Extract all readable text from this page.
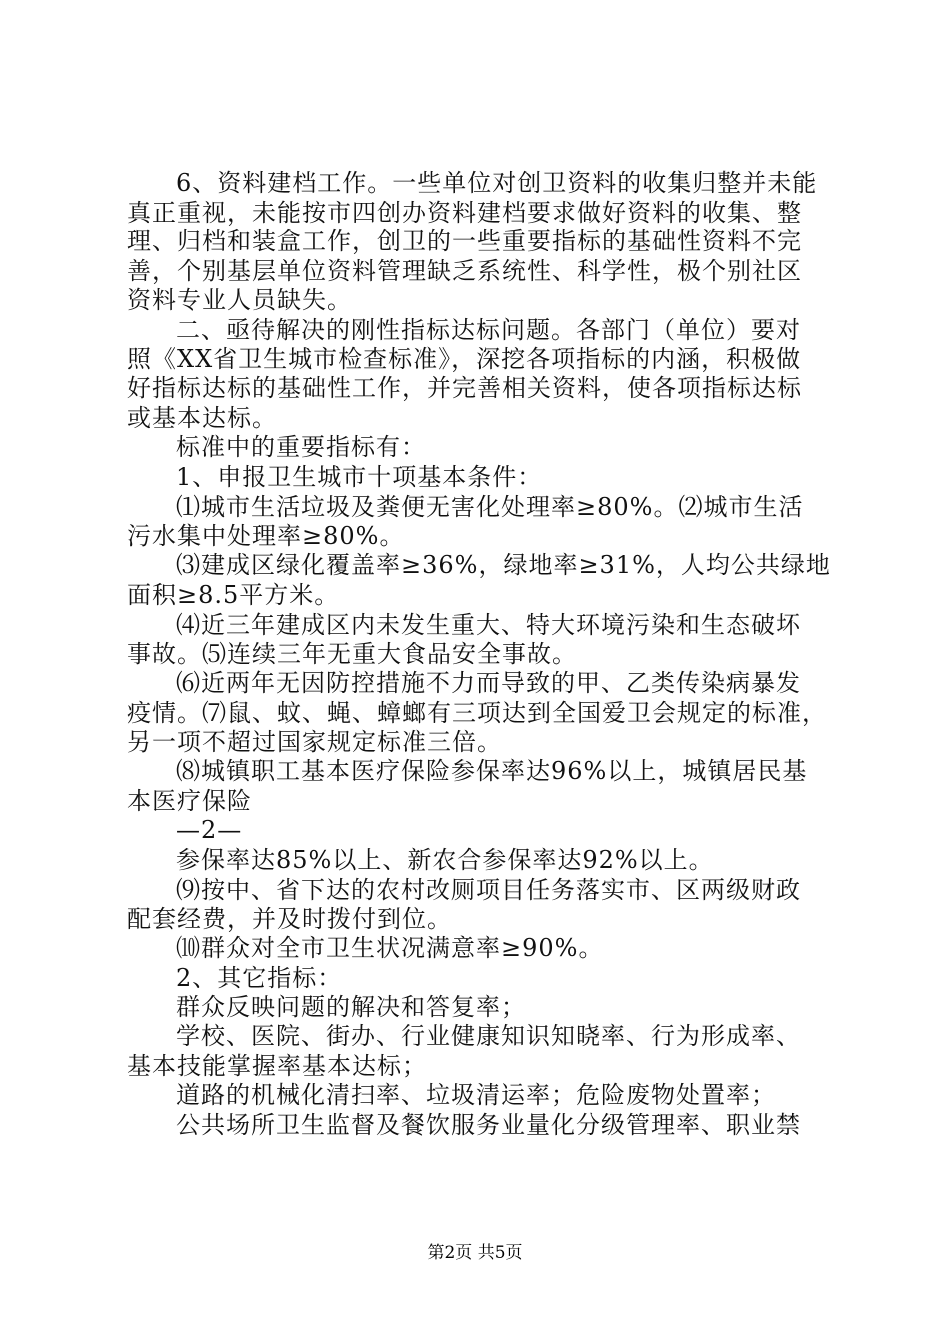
6、资料建档工作。一些单位对创卫资料的收集归整并未能
真正重视，未能按市四创办资料建档要求做好资料的收集、整
理、归档和装盒工作，创卫的一些重要指标的基础性资料不完
善，个别基层单位资料管理缺乏系统性、科学性，极个别社区
资料专业人员缺失。
二、亟待解决的刚性指标达标问题。各部门（单位）要对
照《XX省卫生城市检查标准》，深挖各项指标的内涵，积极做
好指标达标的基础性工作，并完善相关资料，使各项指标达标
或基本达标。
标准中的重要指标有：
1、申报卫生城市十项基本条件：
⑴城市生活垃圾及粪便无害化处理率≥80%。⑵城市生活
污水集中处理率≥80%。
⑶建成区绿化覆盖率≥36%，绿地率≥31%，人均公共绿地
面积≥8.5平方米。
⑷近三年建成区内未发生重大、特大环境污染和生态破坏
事故。⑸连续三年无重大食品安全事故。
⑹近两年无因防控措施不力而导致的甲、乙类传染病暴发
疫情。⑺鼠、蚊、蝇、蟑螂有三项达到全国爱卫会规定的标准，
另一项不超过国家规定标准三倍。
⑻城镇职工基本医疗保险参保率达96%以上，城镇居民基
本医疗保险
—2—
参保率达85%以上、新农合参保率达92%以上。
⑼按中、省下达的农村改厕项目任务落实市、区两级财政
配套经费，并及时拨付到位。
⑽群众对全市卫生状况满意率≥90%。
2、其它指标：
群众反映问题的解决和答复率；
学校、医院、街办、行业健康知识知晓率、行为形成率、
基本技能掌握率基本达标；
道路的机械化清扫率、垃圾清运率；危险废物处置率；
公共场所卫生监督及餐饮服务业量化分级管理率、职业禁
第2页 共5页
